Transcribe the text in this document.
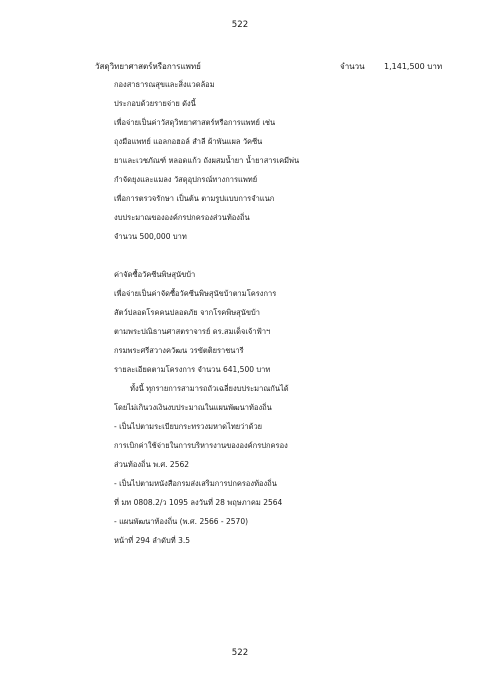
522
วัสดุวิทยาศาสตร์หรือการแพทย์	จำนวน 1,141,500 บาท
กองสาธารณสุขและสิ่งแวดล้อม
ประกอบด้วยรายจ่าย ดังนี้
เพื่อจ่ายเป็นค่าวัสดุวิทยาศาสตร์หรือการแพทย์ เช่น
ถุงมือแพทย์ แอลกอฮอล์ สำลี ผ้าพันแผล วัคซีน
ยาและเวชภัณฑ์ หลอดแก้ว ถังผสมน้ำยา น้ำยาสารเคมีพ่น
กำจัดยุงและแมลง วัสดุอุปกรณ์ทางการแพทย์
เพื่อการตรวจรักษา เป็นต้น ตามรูปแบบการจำแนก
งบประมาณขององค์กรปกครองส่วนท้องถิ่น
จำนวน 500,000 บาท
ค่าจัดซื้อวัคซีนพิษสุนัขบ้า
เพื่อจ่ายเป็นค่าจัดซื้อวัคซีนพิษสุนัขบ้าตามโครงการ
สัตว์ปลอดโรคคนปลอดภัย จากโรคพิษสุนัขบ้า
ตามพระปณิธานศาสตราจารย์ ดร.สมเด็จเจ้าฟ้าฯ
กรมพระศรีสวางควัฒน วรขัตติยราชนารี
รายละเอียดตามโครงการ จำนวน 641,500 บาท
ทั้งนี้ ทุกรายการสามารถถัวเฉลี่ยงบประมาณกันได้
โดยไม่เกินวงเงินงบประมาณในแผนพัฒนาท้องถิ่น
- เป็นไปตามระเบียบกระทรวงมหาดไทยว่าด้วย
การเบิกค่าใช้จ่ายในการบริหารงานขององค์กรปกครอง
ส่วนท้องถิ่น พ.ศ. 2562
- เป็นไปตามหนังสือกรมส่งเสริมการปกครองท้องถิ่น
ที่ มท 0808.2/ว 1095 ลงวันที่ 28 พฤษภาคม 2564
- แผนพัฒนาท้องถิ่น (พ.ศ. 2566 - 2570)
หน้าที่ 294 ลำดับที่ 3.5
522
